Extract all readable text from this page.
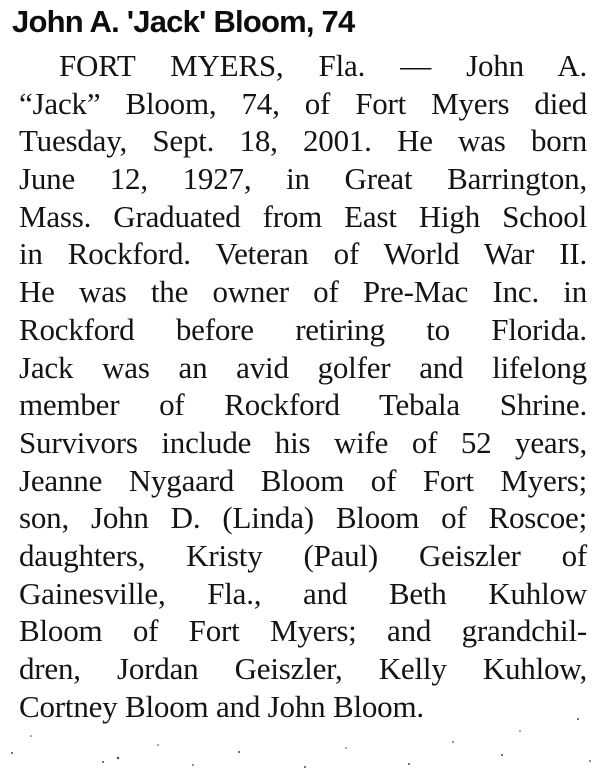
John A. 'Jack' Bloom, 74
FORT MYERS, Fla. — John A.
“Jack” Bloom, 74, of Fort Myers died
Tuesday, Sept. 18, 2001. He was born
June 12, 1927, in Great Barrington,
Mass. Graduated from East High School
in Rockford. Veteran of World War II.
He was the owner of Pre-Mac Inc. in
Rockford before retiring to Florida.
Jack was an avid golfer and lifelong
member of Rockford Tebala Shrine.
Survivors include his wife of 52 years,
Jeanne Nygaard Bloom of Fort Myers;
son, John D. (Linda) Bloom of Roscoe;
daughters, Kristy (Paul) Geiszler of
Gainesville, Fla., and Beth Kuhlow
Bloom of Fort Myers; and grandchil-
dren, Jordan Geiszler, Kelly Kuhlow,
Cortney Bloom and John Bloom.
